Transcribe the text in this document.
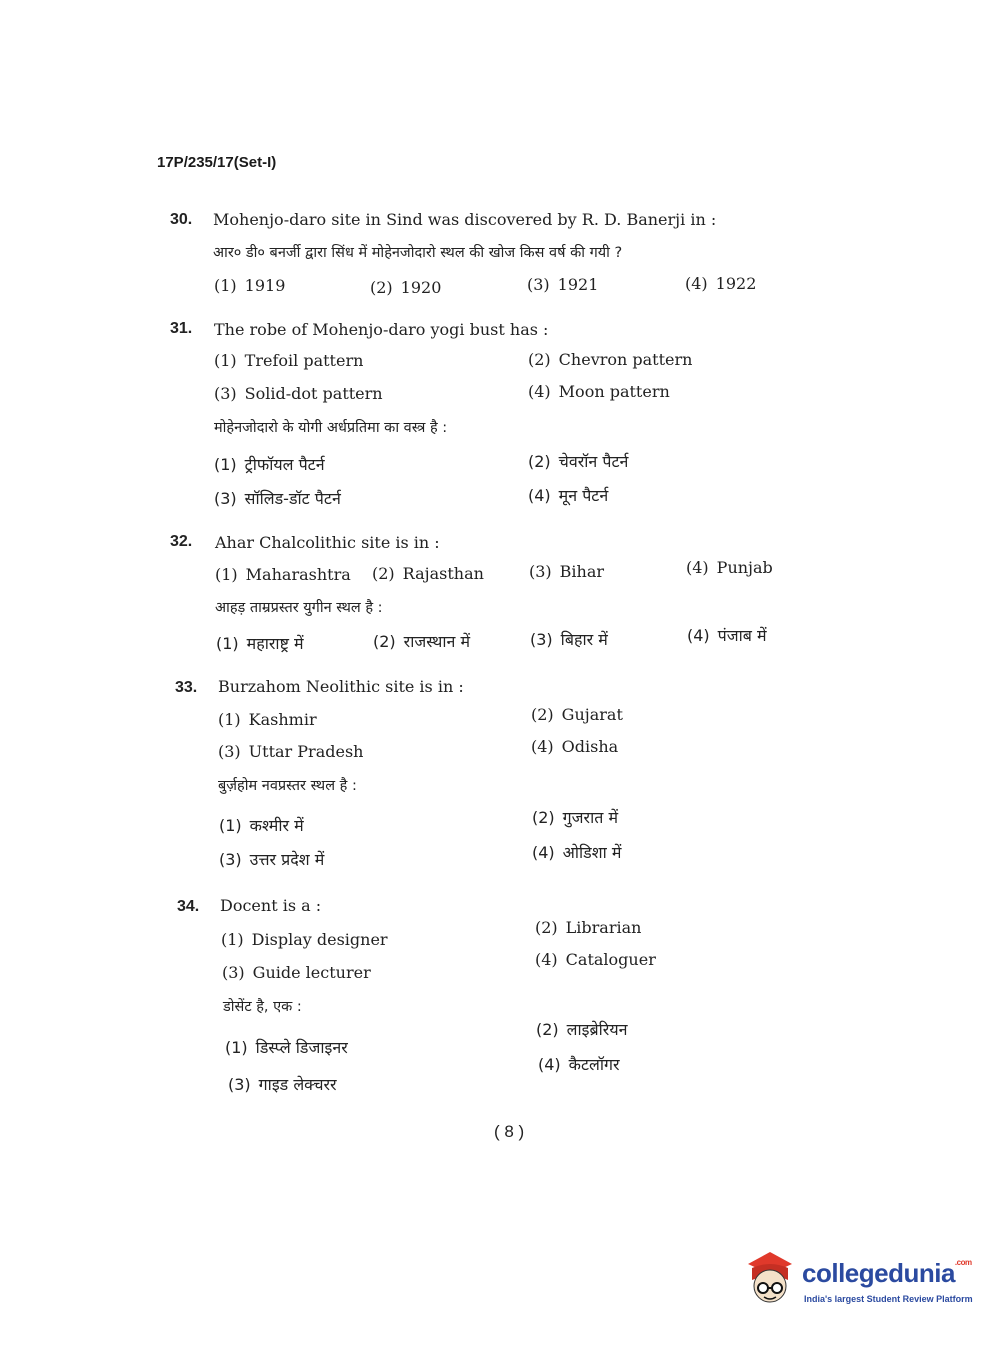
17P/235/17(Set-I)
30. Mohenjo-daro site in Sind was discovered by R. D. Banerji in :
आर० डी० बनर्जी द्वारा सिंध में मोहेनजोदारो स्थल की खोज किस वर्ष की गयी ?
(1) 1919	(2) 1920	(3) 1921	(4) 1922
31. The robe of Mohenjo-daro yogi bust has :
(1) Trefoil pattern	(2) Chevron pattern
(3) Solid-dot pattern	(4) Moon pattern
मोहेनजोदारो के योगी अर्धप्रतिमा का वस्त्र है :
(1) ट्रीफॉयल पैटर्न	(2) चेवरॉन पैटर्न
(3) सॉलिड-डॉट पैटर्न	(4) मून पैटर्न
32. Ahar Chalcolithic site is in :
(1) Maharashtra (2) Rajasthan	(3) Bihar	(4) Punjab
आहड़ ताम्रप्रस्तर युगीन स्थल है :
(1) महाराष्ट्र में	(2) राजस्थान में	(3) बिहार में	(4) पंजाब में
33. Burzahom Neolithic site is in :
(1) Kashmir	(2) Gujarat
(3) Uttar Pradesh	(4) Odisha
बुर्ज़होम नवप्रस्तर स्थल है :
(1) कश्मीर में	(2) गुजरात में
(3) उत्तर प्रदेश में	(4) ओडिशा में
34. Docent is a :
(1) Display designer
(2) Librarian
(3) Guide lecturer
(4) Cataloguer
डोसेंट है, एक :
(1) डिस्प्ले डिजाइनर
(2) लाइब्रेरियन
(3) गाइड लेक्चरर
(4) कैटलॉगर
( 8 )
collegedunia$^{.com}$
India's largest Student Review Platform
